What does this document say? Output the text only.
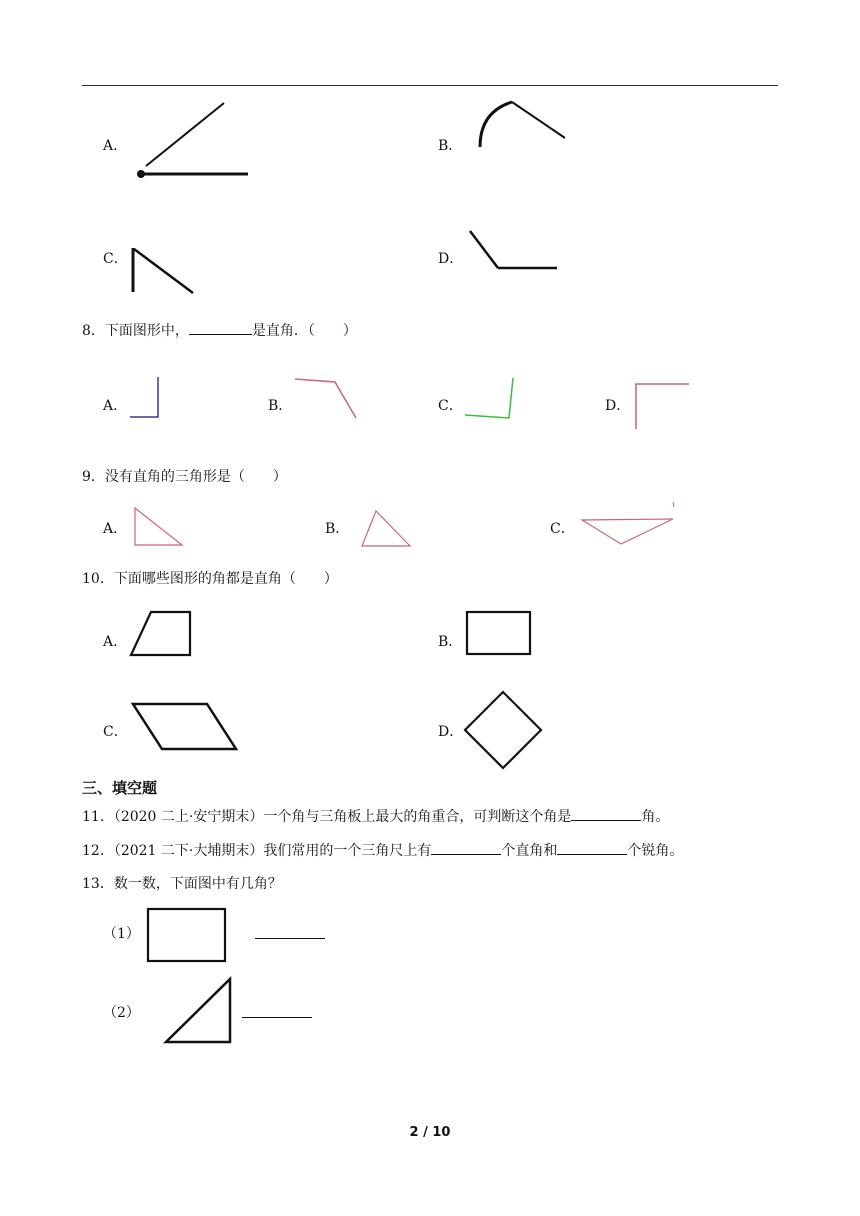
A．	B．
C．	D．
8．下面图形中，	是直角．（　　）
A．	B．	C．	D．
9．没有直角的三角形是（　　）
A．	B．	C．
10．下面哪些图形的角都是直角（　　）
A．	B．
C．	D．
三、填空题
11．（2020 二上·安宁期末）一个角与三角板上最大的角重合，可判断这个角是	角。
12．（2021 二下·大埔期末）我们常用的一个三角尺上有	个直角和	个锐角。
13．数一数，下面图中有几角？
（1）
（2）
2 / 10
